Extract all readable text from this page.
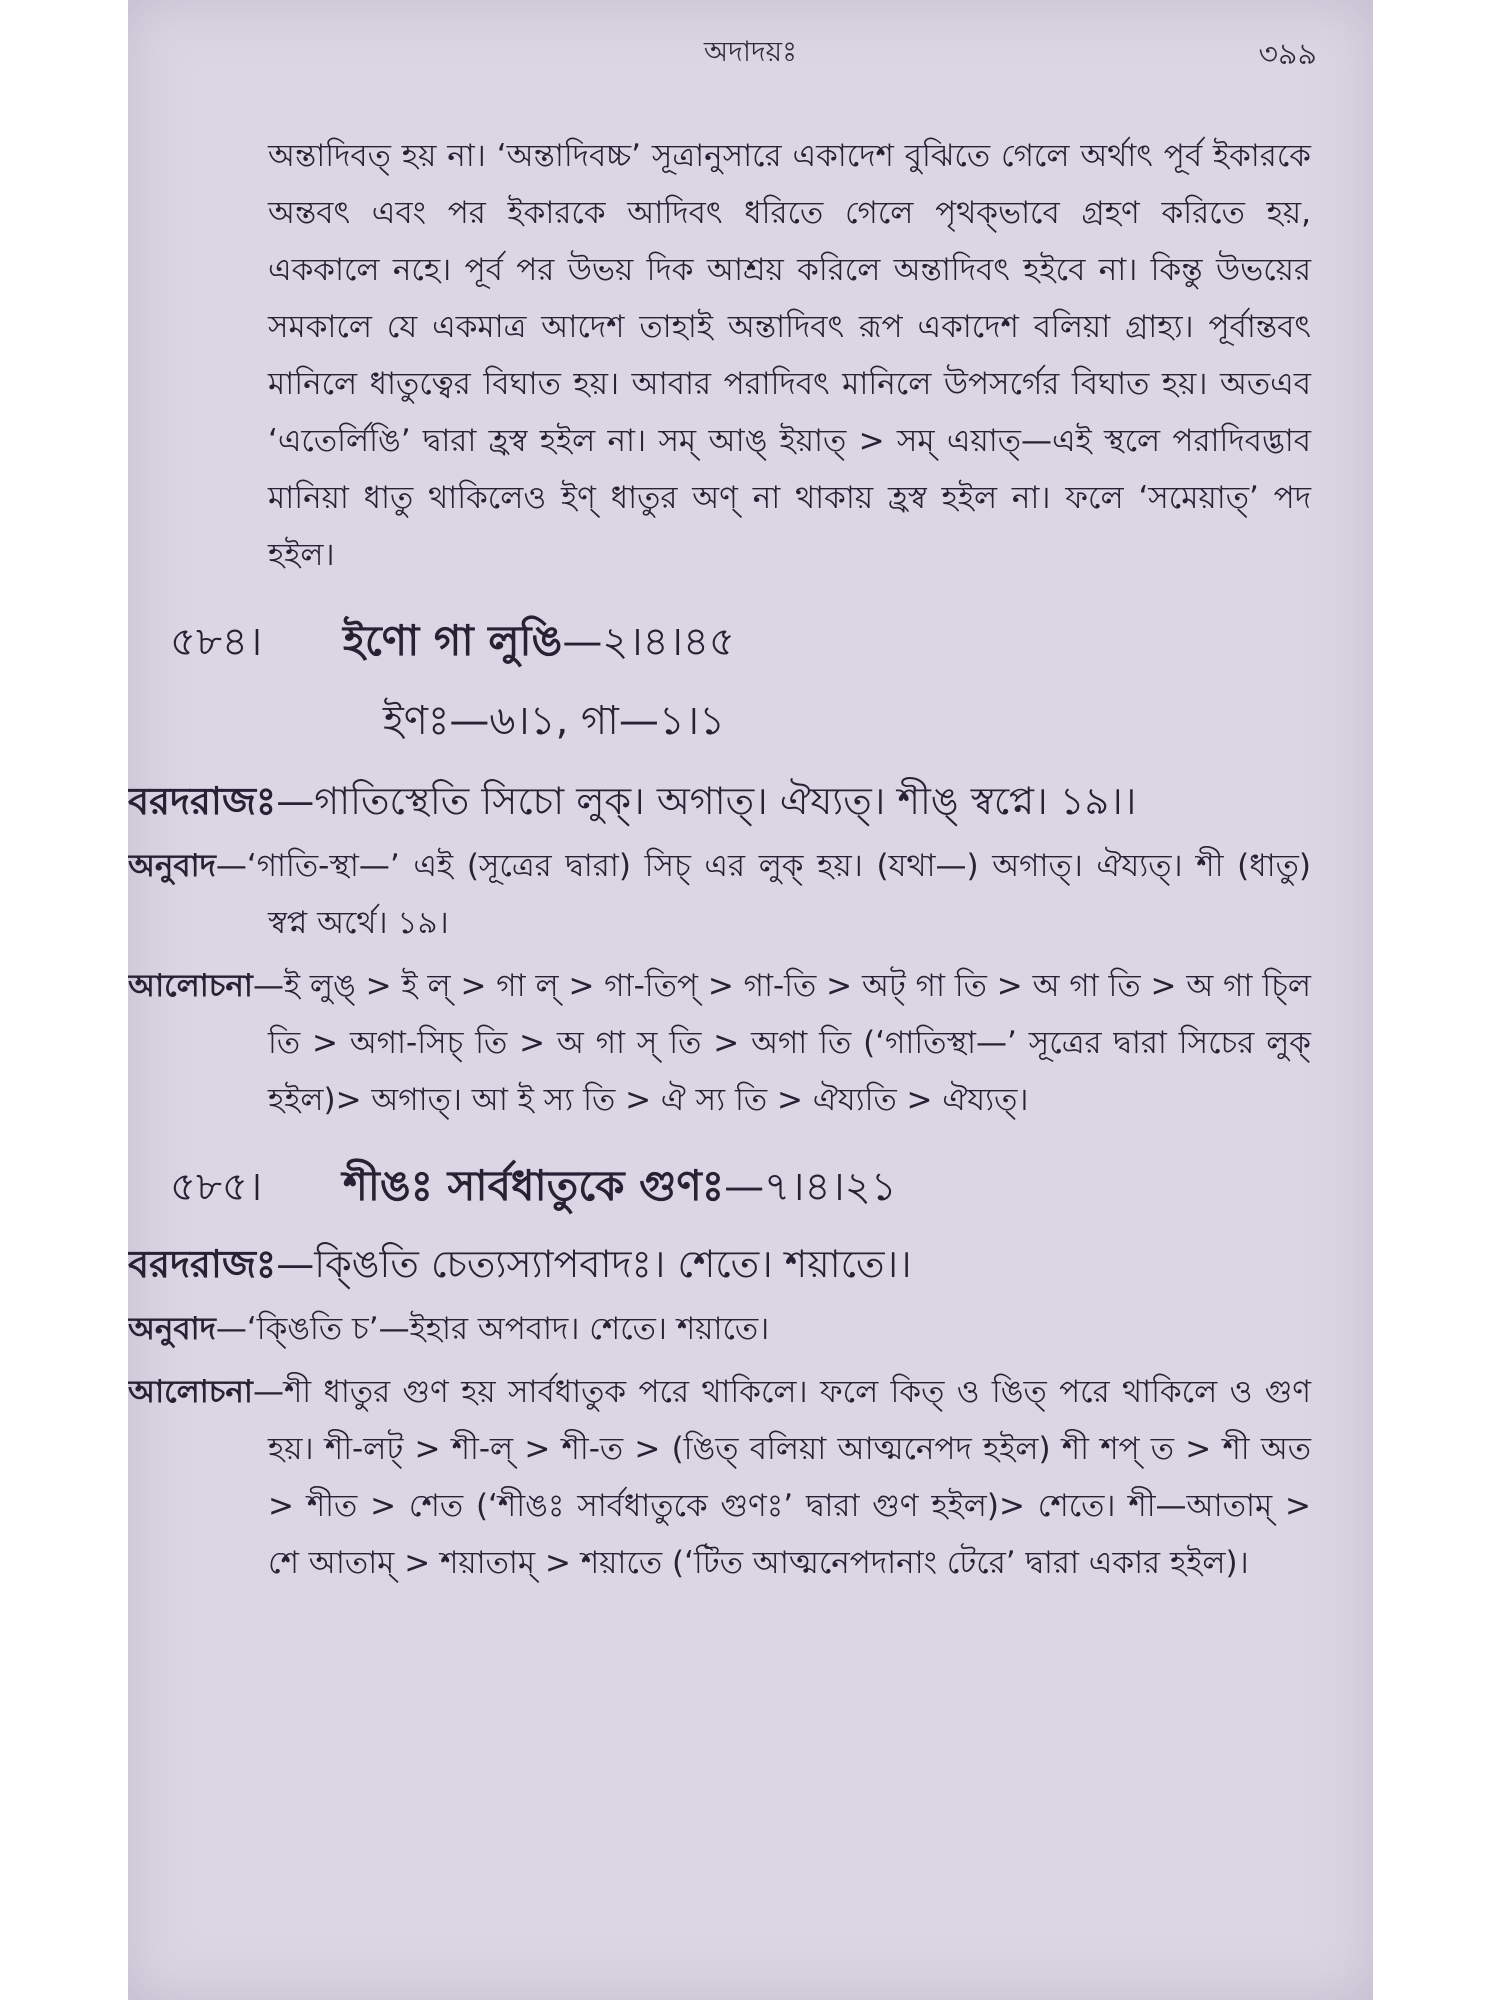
অদাদয়ঃ	৩৯৯

অন্তাদিবত্ হয় না। ‘অন্তাদিবচ্চ’ সূত্রানুসারে একাদেশ বুঝিতে গেলে অর্থাৎ পূর্ব ইকারকে অন্তবৎ এবং পর ইকারকে আদিবৎ ধরিতে গেলে পৃথক্‌ভাবে গ্রহণ করিতে হয়, এককালে নহে। পূর্ব পর উভয় দিক আশ্রয় করিলে অন্তাদিবৎ হইবে না। কিন্তু উভয়ের সমকালে যে একমাত্র আদেশ তাহাই অন্তাদিবৎ রূপ একাদেশ বলিয়া গ্রাহ্য। পূর্বান্তবৎ মানিলে ধাতুত্বের বিঘাত হয়। আবার পরাদিবৎ মানিলে উপসর্গের বিঘাত হয়। অতএব ‘এতের্লিঙি’ দ্বারা হ্রস্ব হইল না। সম্ আঙ্ ইয়াত্ > সম্ এয়াত্—এই স্থলে পরাদিবদ্ভাব মানিয়া ধাতু থাকিলেও ইণ্ ধাতুর অণ্ না থাকায় হ্রস্ব হইল না। ফলে ‘সমেয়াত্’ পদ হইল।

৫৮৪।	ইণো গা লুঙি —২।৪।৪৫
ইণঃ—৬।১, গা—১।১

বরদরাজঃ—গাতিস্থেতি সিচো লুক্। অগাত্। ঐয্যত্। শীঙ্ স্বপ্নে। ১৯।।

অনুবাদ—‘গাতি-স্থা—’ এই (সূত্রের দ্বারা) সিচ্ এর লুক্ হয়। (যথা—) অগাত্। ঐয্যত্। শী (ধাতু) স্বপ্ন অর্থে। ১৯।

আলোচনা—ই লুঙ্ > ই ল্ > গা ল্ > গা-তিপ্ > গা-তি > অট্ গা তি > অ গা তি > অ গা চ্লি তি > অগা-সিচ্ তি > অ গা স্ তি > অগা তি (‘গাতিস্থা—’ সূত্রের দ্বারা সিচের লুক্ হইল)> অগাত্। আ ই স্য তি > ঐ স্য তি > ঐয্যতি > ঐয্যত্।

৫৮৫।	শীঙঃ সার্বধাতুকে গুণঃ —৭।৪।২১

বরদরাজঃ—ক্ঙিতি চেত্যস্যাপবাদঃ। শেতে। শয়াতে।।

অনুবাদ—‘ক্ঙিতি চ’—ইহার অপবাদ। শেতে। শয়াতে।

আলোচনা—শী ধাতুর গুণ হয় সার্বধাতুক পরে থাকিলে। ফলে কিত্ ও ঙিত্ পরে থাকিলে ও গুণ হয়। শী-লট্ > শী-ল্ > শী-ত > (ঙিত্ বলিয়া আত্মনেপদ হইল) শী শপ্ ত > শী অত > শীত > শেত (‘শীঙঃ সার্বধাতুকে গুণঃ’ দ্বারা গুণ হইল)> শেতে। শী—আতাম্ > শে আতাম্ > শয়াতাম্ > শয়াতে (‘টিত আত্মনেপদানাং টেরে’ দ্বারা একার হইল)।
